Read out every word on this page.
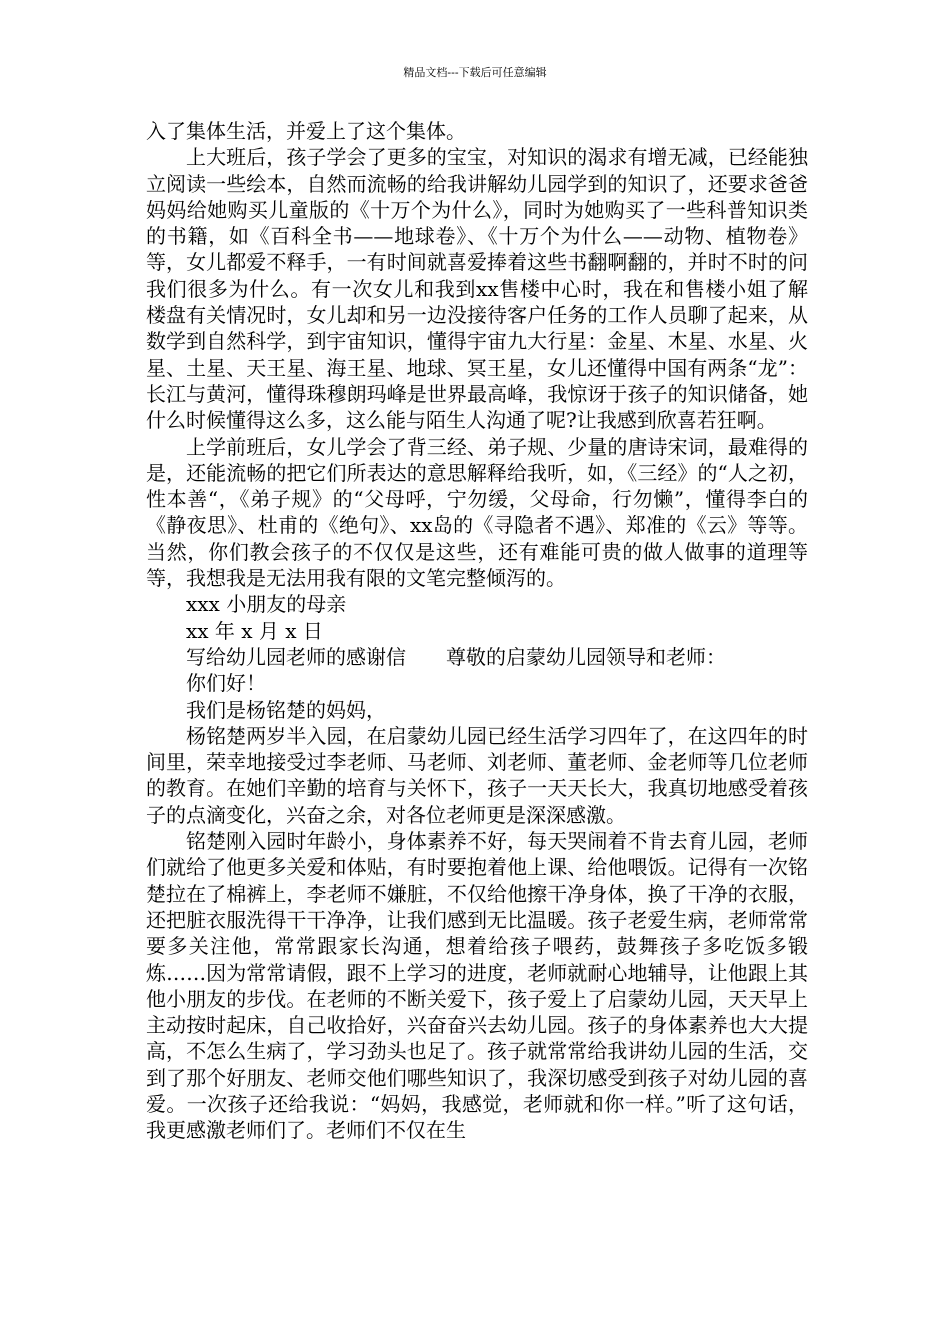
精品文档---下载后可任意编辑

入了集体生活，并爱上了这个集体。

上大班后，孩子学会了更多的宝宝，对知识的渴求有增无减，已经能独立阅读一些绘本，自然而流畅的给我讲解幼儿园学到的知识了，还要求爸爸妈妈给她购买儿童版的《十万个为什么》，同时为她购买了一些科普知识类的书籍，如《百科全书——地球卷》、《十万个为什么——动物、植物卷》等，女儿都爱不释手，一有时间就喜爱捧着这些书翻啊翻的，并时不时的问我们很多为什么。有一次女儿和我到xx售楼中心时，我在和售楼小姐了解楼盘有关情况时，女儿却和另一边没接待客户任务的工作人员聊了起来，从数学到自然科学，到宇宙知识，懂得宇宙九大行星：金星、木星、水星、火星、土星、天王星、海王星、地球、冥王星，女儿还懂得中国有两条“龙”：长江与黄河，懂得珠穆朗玛峰是世界最高峰，我惊讶于孩子的知识储备，她什么时候懂得这么多，这么能与陌生人沟通了呢?让我感到欣喜若狂啊。

上学前班后，女儿学会了背三经、弟子规、少量的唐诗宋词，最难得的是，还能流畅的把它们所表达的意思解释给我听，如，《三经》的“人之初，性本善“，《弟子规》的“父母呼，宁勿缓，父母命，行勿懒”，懂得李白的《静夜思》、杜甫的《绝句》、xx岛的《寻隐者不遇》、郑准的《云》等等。当然，你们教会孩子的不仅仅是这些，还有难能可贵的做人做事的道理等等，我想我是无法用我有限的文笔完整倾泻的。

xxx 小朋友的母亲

xx 年 x 月 x 日

写给幼儿园老师的感谢信　　尊敬的启蒙幼儿园领导和老师：

你们好！

我们是杨铭楚的妈妈，

杨铭楚两岁半入园，在启蒙幼儿园已经生活学习四年了，在这四年的时间里，荣幸地接受过李老师、马老师、刘老师、董老师、金老师等几位老师的教育。在她们辛勤的培育与关怀下，孩子一天天长大，我真切地感受着孩子的点滴变化，兴奋之余，对各位老师更是深深感激。

铭楚刚入园时年龄小，身体素养不好，每天哭闹着不肯去育儿园，老师们就给了他更多关爱和体贴，有时要抱着他上课、给他喂饭。记得有一次铭楚拉在了棉裤上，李老师不嫌脏，不仅给他擦干净身体，换了干净的衣服，还把脏衣服洗得干干净净，让我们感到无比温暖。孩子老爱生病，老师常常要多关注他，常常跟家长沟通，想着给孩子喂药，鼓舞孩子多吃饭多锻炼……因为常常请假，跟不上学习的进度，老师就耐心地辅导，让他跟上其他小朋友的步伐。在老师的不断关爱下，孩子爱上了启蒙幼儿园，天天早上主动按时起床，自己收拾好，兴奋奋兴去幼儿园。孩子的身体素养也大大提高，不怎么生病了，学习劲头也足了。孩子就常常给我讲幼儿园的生活，交到了那个好朋友、老师交他们哪些知识了，我深切感受到孩子对幼儿园的喜爱。一次孩子还给我说：“妈妈，我感觉，老师就和你一样。”听了这句话，我更感激老师们了。老师们不仅在生
